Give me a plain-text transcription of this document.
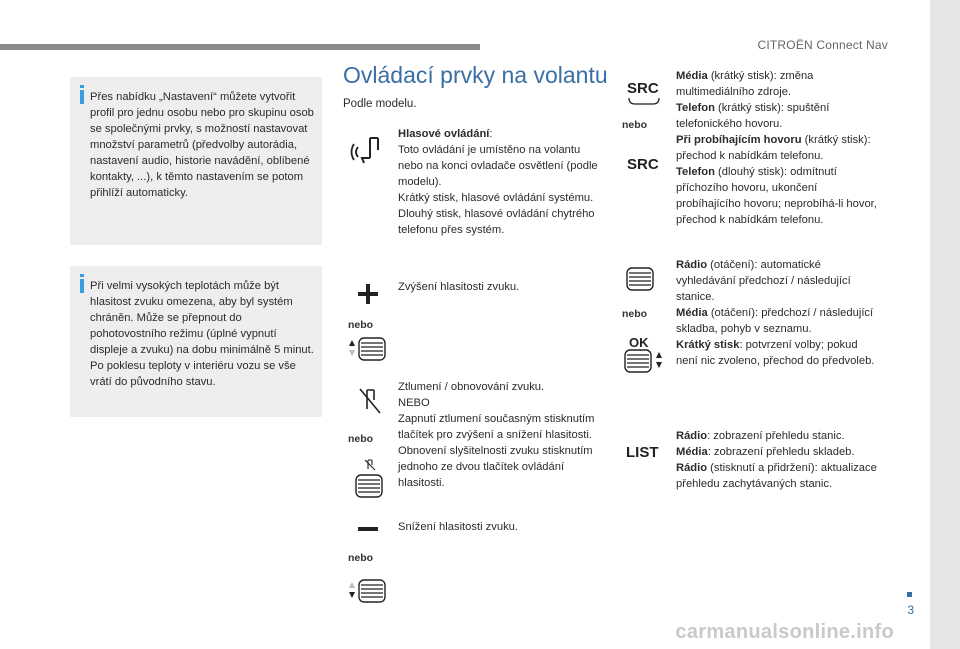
CITROËN Connect Nav
3
carmanualsonline.info
Přes nabídku „Nastavení“ můžete vytvořit profil pro jednu osobu nebo pro skupinu osob se společnými prvky, s možností nastavovat množství parametrů (předvolby autorádia, nastavení audio, historie navádění, oblíbené kontakty, ...), k těmto nastavením se potom přihlíží automaticky.
Při velmi vysokých teplotách může být hlasitost zvuku omezena, aby byl systém chráněn. Může se přepnout do pohotovostního režimu (úplné vypnutí displeje a zvuku) na dobu minimálně 5 minut. Po poklesu teploty v interiéru vozu se vše vrátí do původního stavu.
Ovládací prvky na volantu
Podle modelu.
Hlasové ovládání:
Toto ovládání je umístěno na volantu nebo na konci ovladače osvětlení (podle modelu).
Krátký stisk, hlasové ovládání systému.
Dlouhý stisk, hlasové ovládání chytrého telefonu přes systém.
nebo
Zvýšení hlasitosti zvuku.
nebo
Ztlumení / obnovování zvuku.
NEBO
Zapnutí ztlumení současným stisknutím tlačítek pro zvýšení a snížení hlasitosti.
Obnovení slyšitelnosti zvuku stisknutím jednoho ze dvou tlačítek ovládání hlasitosti.
nebo
Snížení hlasitosti zvuku.
SRC
nebo
SRC
Média (krátký stisk): změna multimediálního zdroje.
Telefon (krátký stisk): spuštění telefonického hovoru.
Při probíhajícím hovoru (krátký stisk): přechod k nabídkám telefonu.
Telefon (dlouhý stisk): odmítnutí příchozího hovoru, ukončení probíhajícího hovoru; neprobíhá-li hovor, přechod k nabídkám telefonu.
nebo
OK
Rádio (otáčení): automatické vyhledávání předchozí / následující stanice.
Média (otáčení): předchozí / následující skladba, pohyb v seznamu.
Krátký stisk: potvrzení volby; pokud není nic zvoleno, přechod do předvoleb.
LIST
Rádio: zobrazení přehledu stanic.
Média: zobrazení přehledu skladeb.
Rádio (stisknutí a přidržení): aktualizace přehledu zachytávaných stanic.
